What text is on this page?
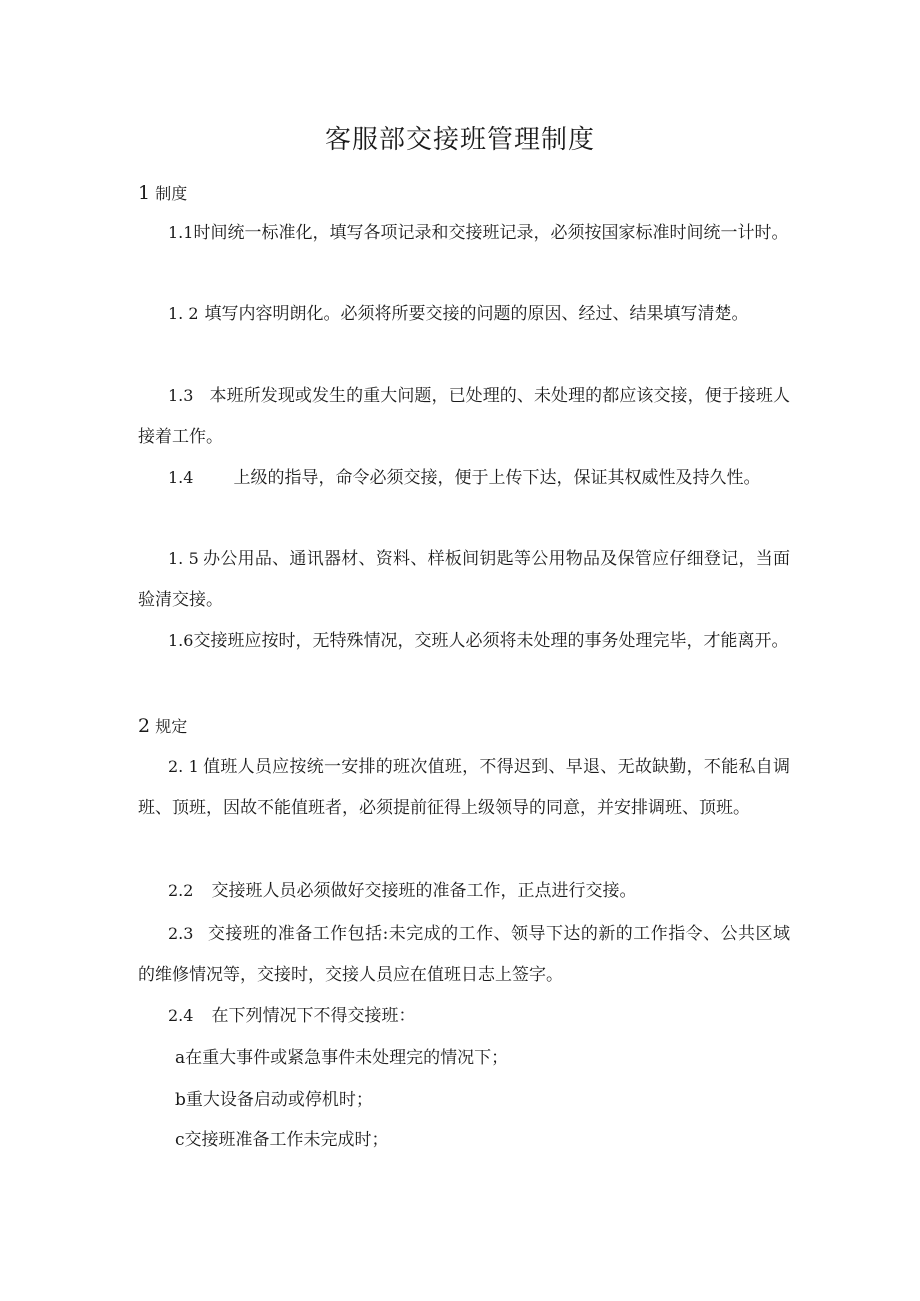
客服部交接班管理制度
1 制度

1.1时间统一标准化，填写各项记录和交接班记录，必须按国家标准时间统一计时。

1. 2 填写内容明朗化。必须将所要交接的问题的原因、经过、结果填写清楚。

1.3 本班所发现或发生的重大问题，已处理的、未处理的都应该交接，便于接班人接着工作。

1.4 上级的指导，命令必须交接，便于上传下达，保证其权威性及持久性。

1. 5 办公用品、通讯器材、资料、样板间钥匙等公用物品及保管应仔细登记，当面验清交接。

1.6交接班应按时，无特殊情况，交班人必须将未处理的事务处理完毕，才能离开。

2 规定

2. 1 值班人员应按统一安排的班次值班，不得迟到、早退、无故缺勤，不能私自调班、顶班，因故不能值班者，必须提前征得上级领导的同意，并安排调班、顶班。

2.2 交接班人员必须做好交接班的准备工作，正点进行交接。

2.3 交接班的准备工作包括:未完成的工作、领导下达的新的工作指令、公共区域的维修情况等，交接时，交接人员应在值班日志上签字。

2.4 在下列情况下不得交接班：

a在重大事件或紧急事件未处理完的情况下；
b重大设备启动或停机时；
c交接班准备工作未完成时；
